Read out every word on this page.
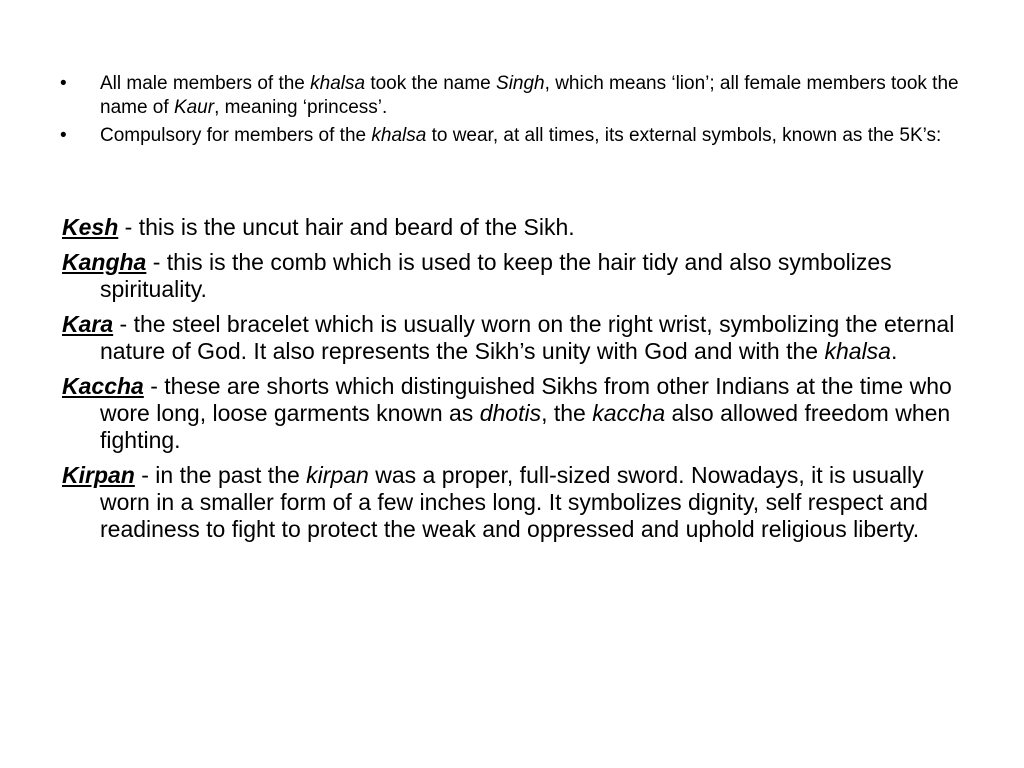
• All male members of the khalsa took the name Singh, which means ‘lion’; all female members took the name of Kaur, meaning ‘princess’.
• Compulsory for members of the khalsa to wear, at all times, its external symbols, known as the 5K’s:
Kesh - this is the uncut hair and beard of the Sikh.
Kangha - this is the comb which is used to keep the hair tidy and also symbolizes spirituality.
Kara - the steel bracelet which is usually worn on the right wrist, symbolizing the eternal nature of God. It also represents the Sikh’s unity with God and with the khalsa.
Kaccha - these are shorts which distinguished Sikhs from other Indians at the time who wore long, loose garments known as dhotis, the kaccha also allowed freedom when fighting.
Kirpan - in the past the kirpan was a proper, full-sized sword. Nowadays, it is usually worn in a smaller form of a few inches long. It symbolizes dignity, self respect and readiness to fight to protect the weak and oppressed and uphold religious liberty.
